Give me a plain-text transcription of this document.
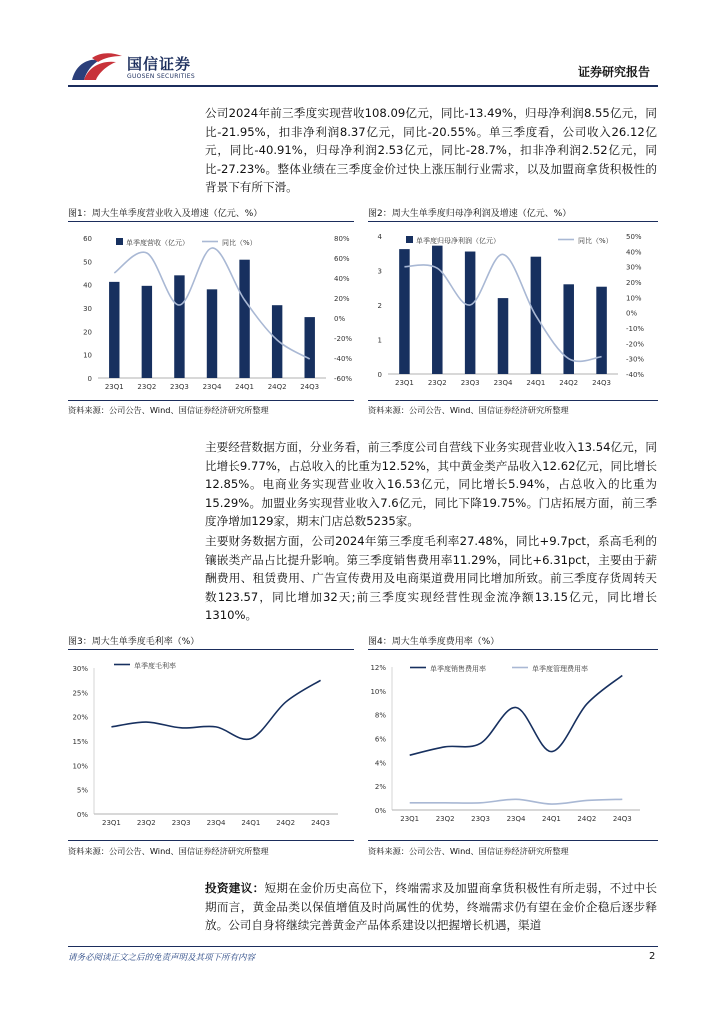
国信证券
GUOSEN SECURITIES	证券研究报告
公司2024年前三季度实现营收108.09亿元，同比-13.49%，归母净利润8.55亿元，同比-21.95%，扣非净利润8.37亿元，同比-20.55%。单三季度看，公司收入26.12亿元，同比-40.91%，归母净利润2.53亿元，同比-28.7%，扣非净利润2.52亿元，同比-27.23%。整体业绩在三季度金价过快上涨压制行业需求，以及加盟商拿货积极性的背景下有所下滑。
图1：周大生单季度营业收入及增速（亿元、%）
0
10
20
30
40
50
60
-60%
-40%
-20%
0%
20%
40%
60%
80%
23Q1 23Q2 23Q3 23Q4 24Q1 24Q2 24Q3
单季度营收（亿元）	同比（%）
资料来源：公司公告、Wind、国信证券经济研究所整理
图2：周大生单季度归母净利润及增速（亿元、%）
0
1
2
3
4
-40%
-30%
-20%
-10%
0%
10%
20%
30%
40%
50%
23Q1 23Q2 23Q3 23Q4 24Q1 24Q2 24Q3
单季度归母净利润（亿元）	同比（%）
资料来源：公司公告、Wind、国信证券经济研究所整理
主要经营数据方面，分业务看，前三季度公司自营线下业务实现营业收入13.54亿元，同比增长9.77%，占总收入的比重为12.52%，其中黄金类产品收入12.62亿元，同比增长12.85%。电商业务实现营业收入16.53亿元，同比增长5.94%，占总收入的比重为15.29%。加盟业务实现营业收入7.6亿元，同比下降19.75%。门店拓展方面，前三季度净增加129家，期末门店总数5235家。
主要财务数据方面，公司2024年第三季度毛利率27.48%，同比+9.7pct，系高毛利的镶嵌类产品占比提升影响。第三季度销售费用率11.29%，同比+6.31pct，主要由于薪酬费用、租赁费用、广告宣传费用及电商渠道费用同比增加所致。前三季度存货周转天数123.57，同比增加32天;前三季度实现经营性现金流净额13.15亿元，同比增长1310%。
图3：周大生单季度毛利率（%）
0%
5%
10%
15%
20%
25%
30%
23Q1 23Q2 23Q3 23Q4 24Q1 24Q2 24Q3
单季度毛利率
资料来源：公司公告、Wind、国信证券经济研究所整理
图4：周大生单季度费用率（%）
0%
2%
4%
6%
8%
10%
12%
23Q1 23Q2 23Q3 23Q4 24Q1 24Q2 24Q3
单季度销售费用率	单季度管理费用率
资料来源：公司公告、Wind、国信证券经济研究所整理
投资建议：短期在金价历史高位下，终端需求及加盟商拿货积极性有所走弱，不过中长期而言，黄金品类以保值增值及时尚属性的优势，终端需求仍有望在金价企稳后逐步释放。公司自身将继续完善黄金产品体系建设以把握增长机遇，渠道
请务必阅读正文之后的免责声明及其项下所有内容	2
